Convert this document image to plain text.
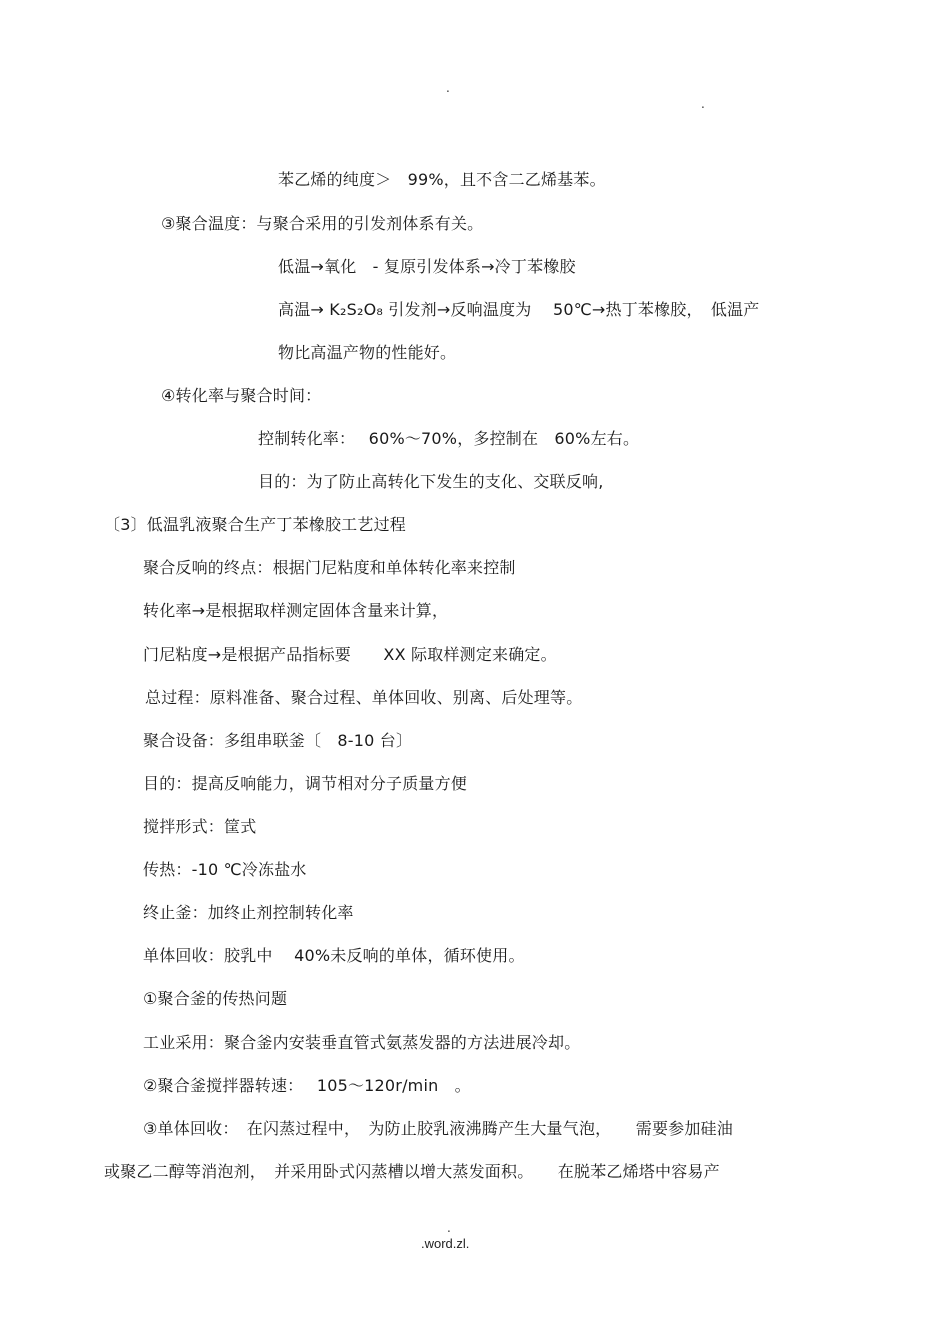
.
.
苯乙烯的纯度＞　99%，且不含二乙烯基苯。
③聚合温度：与聚合采用的引发剂体系有关。
低温→氧化　- 复原引发体系→冷丁苯橡胶
高温→ K₂S₂O₈ 引发剂→反响温度为　 50℃→热丁苯橡胶，　低温产
物比高温产物的性能好。
④转化率与聚合时间：
控制转化率：　 60%～70%，多控制在　60%左右。
目的：为了防止高转化下发生的支化、交联反响,
〔3〕低温乳液聚合生产丁苯橡胶工艺过程
聚合反响的终点：根据门尼粘度和单体转化率来控制
转化率→是根据取样测定固体含量来计算，
门尼粘度→是根据产品指标要　　XX 际取样测定来确定。
总过程：原料准备、聚合过程、单体回收、别离、后处理等。
聚合设备：多组串联釜〔　8-10 台〕
目的：提高反响能力，调节相对分子质量方便
搅拌形式：筐式
传热：-10 ℃冷冻盐水
终止釜：加终止剂控制转化率
单体回收：胶乳中　 40%未反响的单体，循环使用。
①聚合釜的传热问题
工业采用：聚合釜内安装垂直管式氨蒸发器的方法进展冷却。
②聚合釜搅拌器转速：　 105～120r/min　。
③单体回收：　在闪蒸过程中，　为防止胶乳液沸腾产生大量气泡，　　需要参加硅油
或聚乙二醇等消泡剂，　并采用卧式闪蒸槽以增大蒸发面积。　　在脱苯乙烯塔中容易产
.
.word.zl.
